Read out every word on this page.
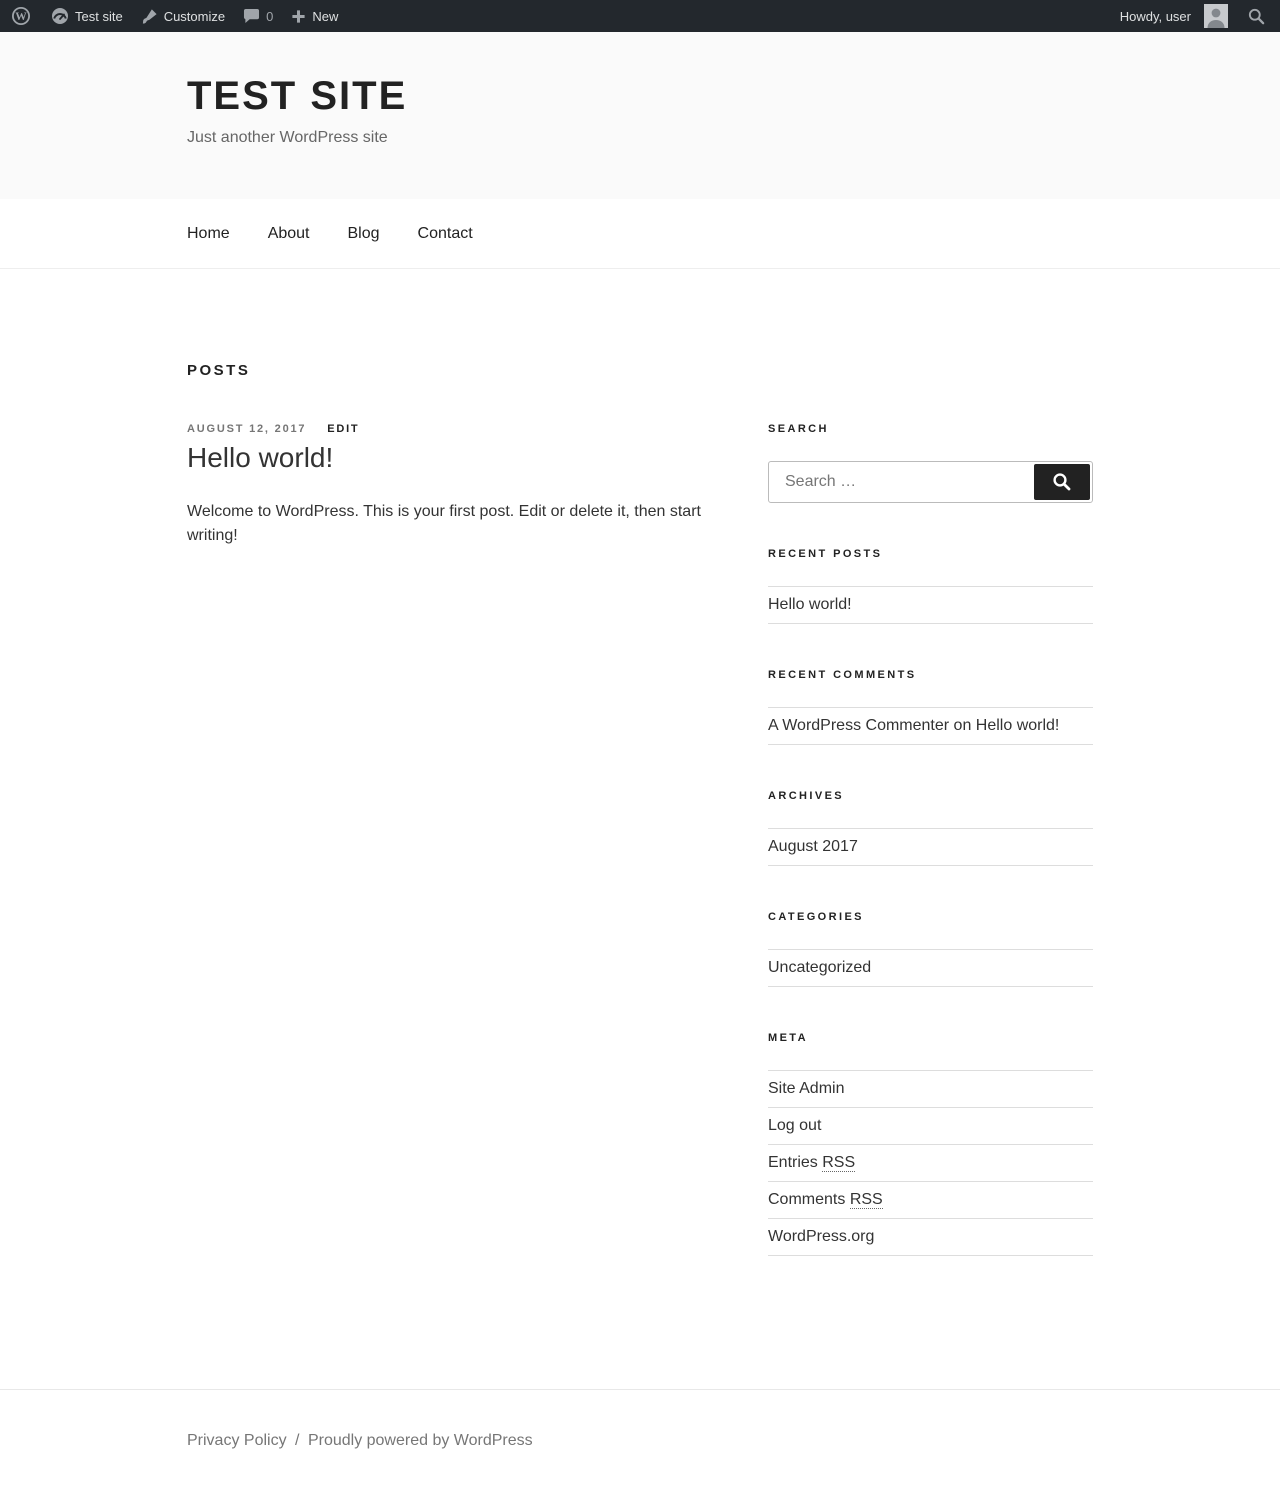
W	Test site	Customize	0	New	Howdy, user
TEST SITE

Just another WordPress site

Home About Blog Contact
POSTS
AUGUST 12, 2017 EDIT
Hello world!

Welcome to WordPress. This is your first post. Edit or delete it, then start writing!

SEARCH
Search …
RECENT POSTS
Hello world!
RECENT COMMENTS
A WordPress Commenter on Hello world!
ARCHIVES
August 2017
CATEGORIES
Uncategorized
META
Site Admin
Log out
Entries RSS
Comments RSS
WordPress.org
Privacy Policy / Proudly powered by WordPress
